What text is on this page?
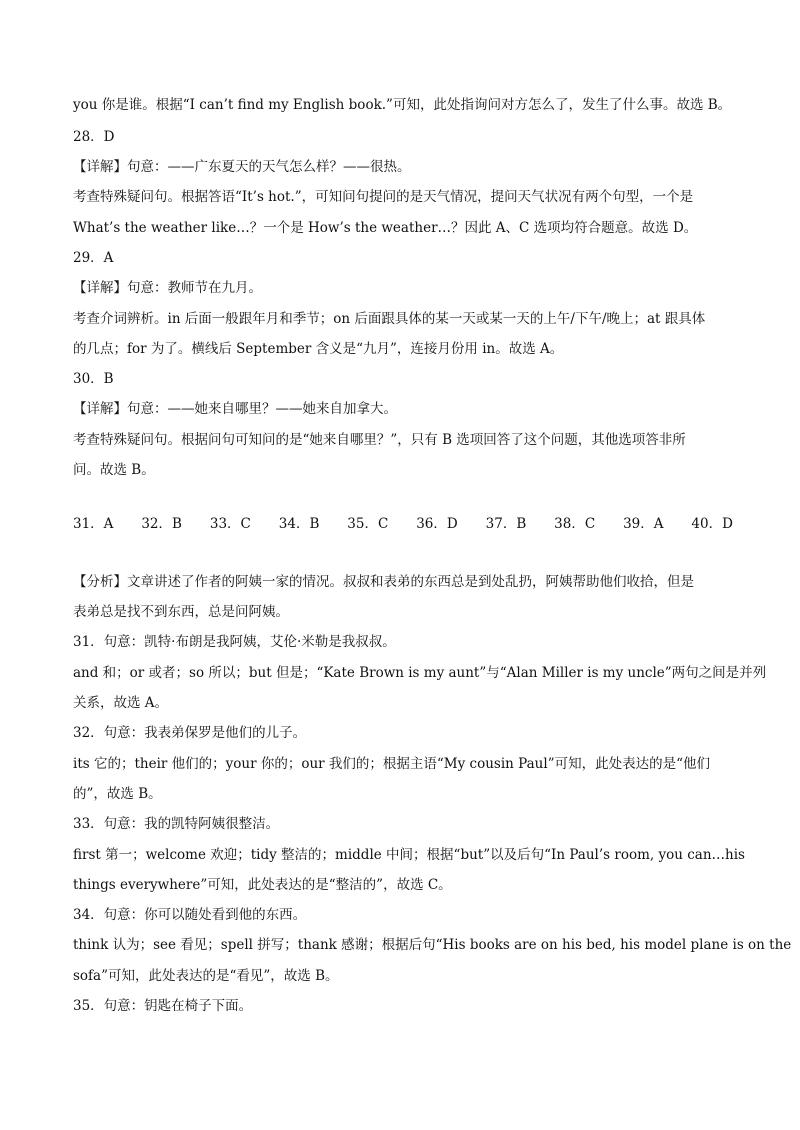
you 你是谁。根据“I can’t find my English book.”可知，此处指询问对方怎么了，发生了什么事。故选 B。
28．D
【详解】句意：——广东夏天的天气怎么样？——很热。
考查特殊疑问句。根据答语“It’s hot.”，可知问句提问的是天气情况，提问天气状况有两个句型，一个是
What’s the weather like…？一个是 How’s the weather…？因此 A、C 选项均符合题意。故选 D。
29．A
【详解】句意：教师节在九月。
考查介词辨析。in 后面一般跟年月和季节；on 后面跟具体的某一天或某一天的上午/下午/晚上；at 跟具体
的几点；for 为了。横线后 September 含义是“九月”，连接月份用 in。故选 A。
30．B
【详解】句意：——她来自哪里？——她来自加拿大。
考查特殊疑问句。根据问句可知问的是“她来自哪里？”，只有 B 选项回答了这个问题，其他选项答非所
问。故选 B。
31．A 32．B 33．C 34．B 35．C 36．D 37．B 38．C 39．A 40．D
【分析】文章讲述了作者的阿姨一家的情况。叔叔和表弟的东西总是到处乱扔，阿姨帮助他们收拾，但是
表弟总是找不到东西，总是问阿姨。
31．句意：凯特·布朗是我阿姨，艾伦·米勒是我叔叔。
and 和；or 或者；so 所以；but 但是；“Kate Brown is my aunt”与“Alan Miller is my uncle”两句之间是并列
关系，故选 A。
32．句意：我表弟保罗是他们的儿子。
its 它的；their 他们的；your 你的；our 我们的；根据主语“My cousin Paul”可知，此处表达的是“他们
的”，故选 B。
33．句意：我的凯特阿姨很整洁。
first 第一；welcome 欢迎；tidy 整洁的；middle 中间；根据“but”以及后句“In Paul’s room, you can…his
things everywhere”可知，此处表达的是“整洁的”，故选 C。
34．句意：你可以随处看到他的东西。
think 认为；see 看见；spell 拼写；thank 感谢；根据后句“His books are on his bed, his model plane is on the
sofa”可知，此处表达的是“看见”，故选 B。
35．句意：钥匙在椅子下面。
